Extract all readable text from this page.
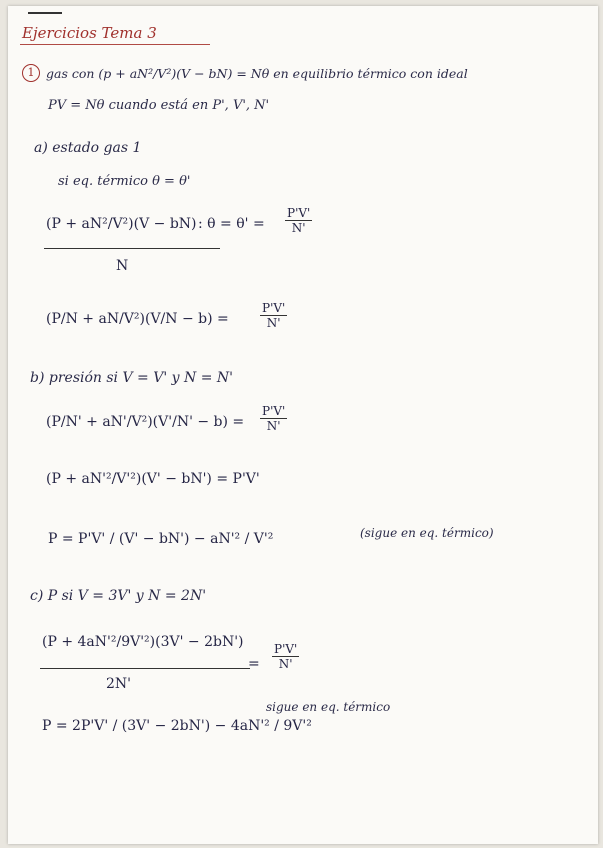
Ejercicios Tema 3
1 gas con (p + aN²/V²)(V − bN) = Nθ en equilibrio térmico con ideal
PV = Nθ cuando está en P', V', N'
a) estado gas 1
si eq. térmico θ = θ'
(P + aN²/V²)(V − bN) : $\theta = \theta' = \frac{P'V'}{N'}$
N
(P/N + aN/V²)(V/N − b) =	$\frac{P'V'}{N'}$
b) presión si V = V' y N = N'
$(P/N' + aN'/V^2)(V'/N' - b) = \frac{P'V'}{N'}$
(P + aN'²/V'²)(V' − bN') = P'V'
P = P'V' / (V' − bN') − aN'² / V'²	(sigue en eq. térmico)
c) P si V = 3V' y N = 2N'
(P + 4aN'²/9V'²)(3V' − 2bN')
2N'
= $\frac{P'V'}{N'}$
P = 2P'V' / (3V' − 2bN') − 4aN'² / 9V'²
sigue en eq. térmico
